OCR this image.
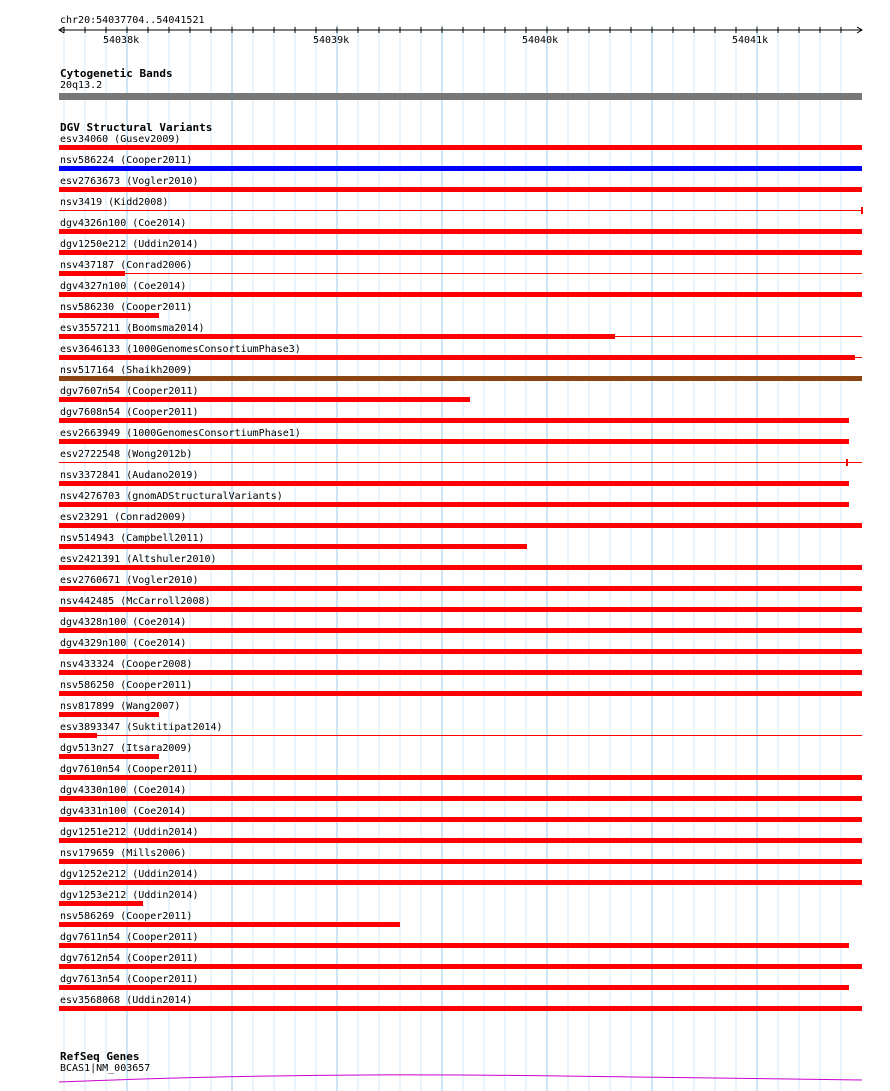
chr20:54037704..54041521
54038k	54039k	54040k	54041k
Cytogenetic Bands
20q13.2
DGV Structural Variants
esv34060 (Gusev2009)
nsv586224 (Cooper2011)
esv2763673 (Vogler2010)
nsv3419 (Kidd2008)
dgv4326n100 (Coe2014)
dgv1250e212 (Uddin2014)
nsv437187 (Conrad2006)
dgv4327n100 (Coe2014)
nsv586230 (Cooper2011)
esv3557211 (Boomsma2014)
esv3646133 (1000GenomesConsortiumPhase3)
nsv517164 (Shaikh2009)
dgv7607n54 (Cooper2011)
dgv7608n54 (Cooper2011)
esv2663949 (1000GenomesConsortiumPhase1)
esv2722548 (Wong2012b)
nsv3372841 (Audano2019)
nsv4276703 (gnomADStructuralVariants)
esv23291 (Conrad2009)
nsv514943 (Campbell2011)
esv2421391 (Altshuler2010)
esv2760671 (Vogler2010)
nsv442485 (McCarroll2008)
dgv4328n100 (Coe2014)
dgv4329n100 (Coe2014)
nsv433324 (Cooper2008)
nsv586250 (Cooper2011)
nsv817899 (Wang2007)
esv3893347 (Suktitipat2014)
dgv513n27 (Itsara2009)
dgv7610n54 (Cooper2011)
dgv4330n100 (Coe2014)
dgv4331n100 (Coe2014)
dgv1251e212 (Uddin2014)
nsv179659 (Mills2006)
dgv1252e212 (Uddin2014)
dgv1253e212 (Uddin2014)
nsv586269 (Cooper2011)
dgv7611n54 (Cooper2011)
dgv7612n54 (Cooper2011)
dgv7613n54 (Cooper2011)
esv3568068 (Uddin2014)
RefSeq Genes
BCAS1|NM_003657
